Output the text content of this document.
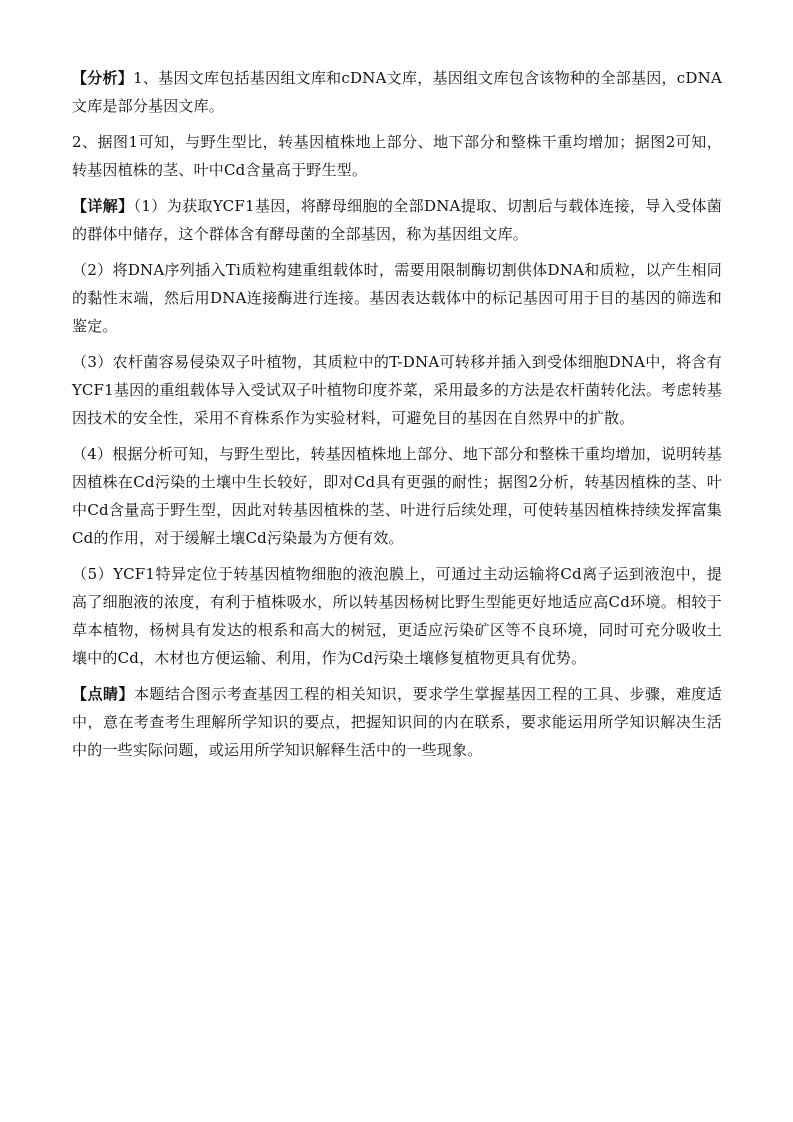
【分析】1、基因文库包括基因组文库和cDNA文库，基因组文库包含该物种的全部基因，cDNA文库是部分基因文库。

2、据图1可知，与野生型比，转基因植株地上部分、地下部分和整株干重均增加；据图2可知，转基因植株的茎、叶中Cd含量高于野生型。

【详解】（1）为获取YCF1基因，将酵母细胞的全部DNA提取、切割后与载体连接，导入受体菌的群体中储存，这个群体含有酵母菌的全部基因，称为基因组文库。

（2）将DNA序列插入Ti质粒构建重组载体时，需要用限制酶切割供体DNA和质粒，以产生相同的黏性末端，然后用DNA连接酶进行连接。基因表达载体中的标记基因可用于目的基因的筛选和鉴定。

（3）农杆菌容易侵染双子叶植物，其质粒中的T-DNA可转移并插入到受体细胞DNA中，将含有YCF1基因的重组载体导入受试双子叶植物印度芥菜，采用最多的方法是农杆菌转化法。考虑转基因技术的安全性，采用不育株系作为实验材料，可避免目的基因在自然界中的扩散。

（4）根据分析可知，与野生型比，转基因植株地上部分、地下部分和整株干重均增加，说明转基因植株在Cd污染的土壤中生长较好，即对Cd具有更强的耐性；据图2分析，转基因植株的茎、叶中Cd含量高于野生型，因此对转基因植株的茎、叶进行后续处理，可使转基因植株持续发挥富集Cd的作用，对于缓解土壤Cd污染最为方便有效。

（5）YCF1特异定位于转基因植物细胞的液泡膜上，可通过主动运输将Cd离子运到液泡中，提高了细胞液的浓度，有利于植株吸水，所以转基因杨树比野生型能更好地适应高Cd环境。相较于草本植物，杨树具有发达的根系和高大的树冠，更适应污染矿区等不良环境，同时可充分吸收土壤中的Cd，木材也方便运输、利用，作为Cd污染土壤修复植物更具有优势。

【点睛】本题结合图示考查基因工程的相关知识，要求学生掌握基因工程的工具、步骤，难度适中，意在考查考生理解所学知识的要点，把握知识间的内在联系，要求能运用所学知识解决生活中的一些实际问题，或运用所学知识解释生活中的一些现象。
